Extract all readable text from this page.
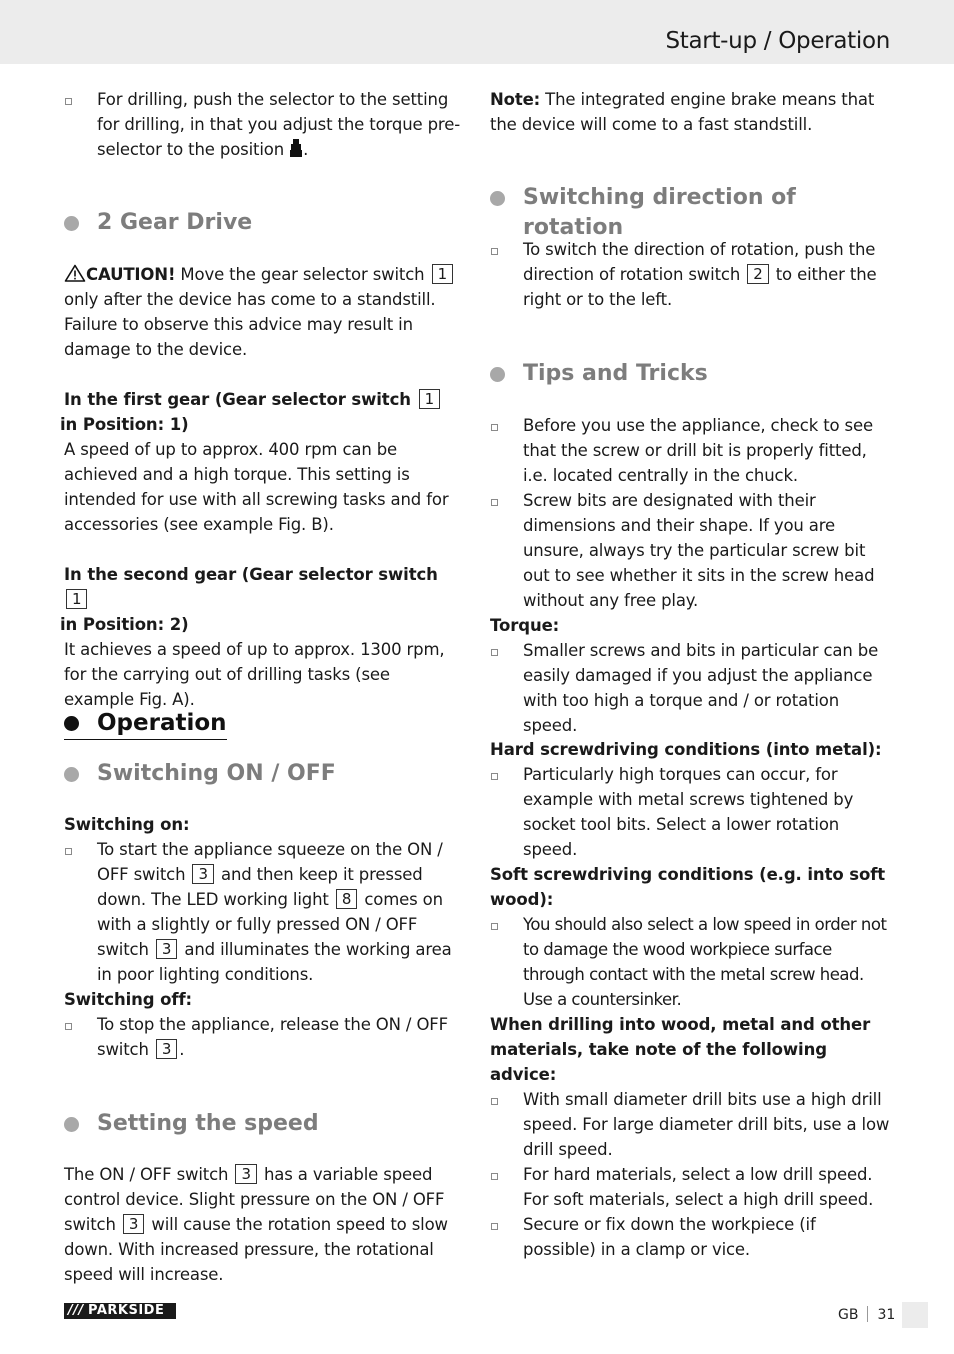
Start-up / Operation
For drilling, push the selector to the setting for drilling, in that you adjust the torque pre-selector to the position .
2 Gear Drive

CAUTION! Move the gear selector switch 1 only after the device has come to a standstill. Failure to observe this advice may result in damage to the device.

In the first gear (Gear selector switch 1
in Position: 1)

A speed of up to approx. 400 rpm can be achieved and a high torque. This setting is intended for use with all screwing tasks and for accessories (see example Fig. B).

In the second gear (Gear selector switch 1
in Position: 2)

It achieves a speed of up to approx. 1300 rpm, for the carrying out of drilling tasks (see example Fig. A).

Operation
Switching ON / OFF

Switching on:

To start the appliance squeeze on the ON / OFF switch 3 and then keep it pressed down. The LED working light 8 comes on with a slightly or fully pressed ON / OFF switch 3 and illuminates the working area in poor lighting conditions.

Switching off:

To stop the appliance, release the ON / OFF switch 3 .
Setting the speed

The ON / OFF switch 3 has a variable speed control device. Slight pressure on the ON / OFF switch 3 will cause the rotation speed to slow down. With increased pressure, the rotational speed will increase.

Note: The integrated engine brake means that the device will come to a fast standstill.

Switching direction of rotation
To switch the direction of rotation, push the direction of rotation switch 2 to either the right or to the left.
Tips and Tricks
Before you use the appliance, check to see that the screw or drill bit is properly fitted, i.e. located centrally in the chuck.
Screw bits are designated with their dimensions and their shape. If you are unsure, always try the particular screw bit out to see whether it sits in the screw head without any free play.

Torque:

Smaller screws and bits in particular can be easily damaged if you adjust the appliance with too high a torque and / or rotation speed.

Hard screwdriving conditions (into metal):

Particularly high torques can occur, for example with metal screws tightened by socket tool bits. Select a lower rotation speed.

Soft screwdriving conditions (e.g. into soft wood):

You should also select a low speed in order not to damage the wood workpiece surface through contact with the metal screw head. Use a countersinker.

When drilling into wood, metal and other materials, take note of the following advice:

With small diameter drill bits use a high drill speed. For large diameter drill bits, use a low drill speed.
For hard materials, select a low drill speed. For soft materials, select a high drill speed.
Secure or fix down the workpiece (if possible) in a clamp or vice.
/// PARKSIDE	GB 31
